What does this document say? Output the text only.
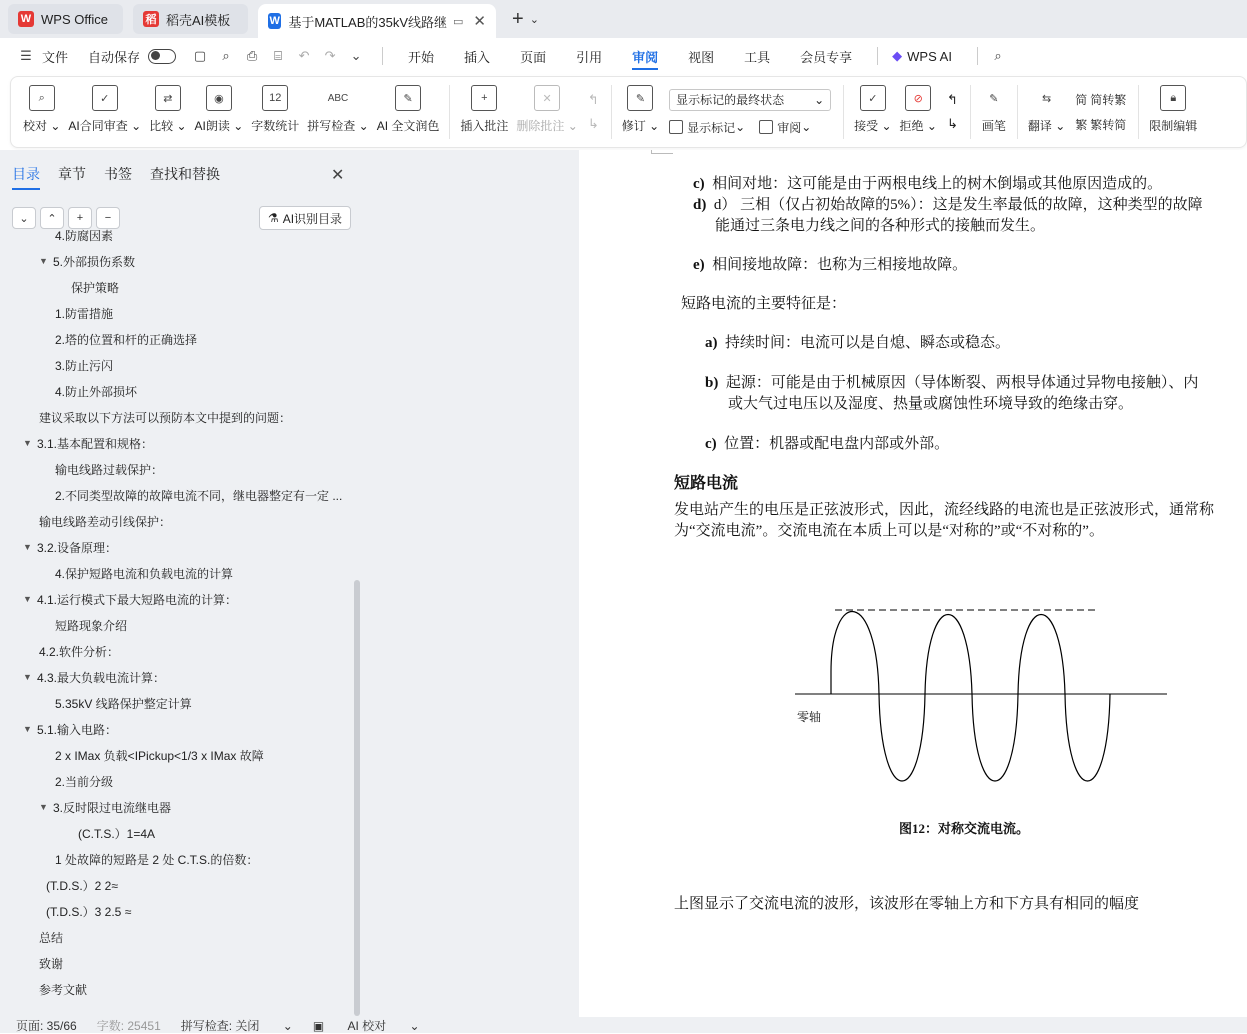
W WPS Office	稻 稻壳AI模板	W 基于MATLAB的35kV线路继 ▭ ✕ + ⌄
☰ 文件 自动保存	▢	⌕	⎙	⌸	↶	↷	⌄	开始 插入 页面 引用 审阅 视图 工具 会员专享	◆ WPS AI	⌕
⌕
校对 ⌄
✓
AI合同审查 ⌄
⇄
比较 ⌄
◉
AI朗读 ⌄
12
字数统计
ABC
拼写检查 ⌄
✎
AI 全文润色
+
插入批注
✕
删除批注 ⌄
↰
↳
✎
修订 ⌄
显示标记的最终状态 ⌄
显示标记 ⌄	审阅 ⌄
✓
接受 ⌄
⊘
拒绝 ⌄
↰
↳
✎
画笔
⇆
翻译 ⌄
简 简转繁
繁 繁转简
🔒︎
限制编辑
目录 章节 书签 查找和替换	✕
⌄	⌃	+	−	⚗ AI识别目录
4.防腐因素
▼ 5.外部损伤系数
保护策略
1.防雷措施
2.塔的位置和杆的正确选择
3.防止污闪
4.防止外部损坏
建议采取以下方法可以预防本文中提到的问题：
▼ 3.1.基本配置和规格：
输电线路过载保护：
2.不同类型故障的故障电流不同，继电器整定有一定 ...
输电线路差动引线保护：
▼ 3.2.设备原理：
4.保护短路电流和负载电流的计算
▼ 4.1.运行模式下最大短路电流的计算：
短路现象介绍
4.2.软件分析：
▼ 4.3.最大负载电流计算：
5.35kV 线路保护整定计算
▼ 5.1.输入电路：
2 x IMax 负载<IPickup<1/3 x IMax 故障
2.当前分级
▼ 3.反时限过电流继电器
(C.T.S.）1=4A
1 处故障的短路是 2 处 C.T.S.的倍数：
(T.D.S.）2 2≈
(T.D.S.）3 2.5 ≈
总结
致谢
参考文献
c) 相间对地：这可能是由于两根电线上的树木倒塌或其他原因造成的。
d) d） 三相（仅占初始故障的5%）：这是发生率最低的故障，这种类型的故障
能通过三条电力线之间的各种形式的接触而发生。
e) 相间接地故障：也称为三相接地故障。
短路电流的主要特征是：
a) 持续时间：电流可以是自熄、瞬态或稳态。
b) 起源：可能是由于机械原因（导体断裂、两根导体通过异物电接触）、内
或大气过电压以及湿度、热量或腐蚀性环境导致的绝缘击穿。
c) 位置：机器或配电盘内部或外部。
短路电流
发电站产生的电压是正弦波形式，因此，流经线路的电流也是正弦波形式，通常称
为“交流电流”。交流电流在本质上可以是“对称的”或“不对称的”。
零轴
图12：对称交流电流。
上图显示了交流电流的波形，该波形在零轴上方和下方具有相同的幅度
页面: 35/66 字数: 25451 拼写检查: 关闭 ⌄ ▣ AI 校对 ⌄
